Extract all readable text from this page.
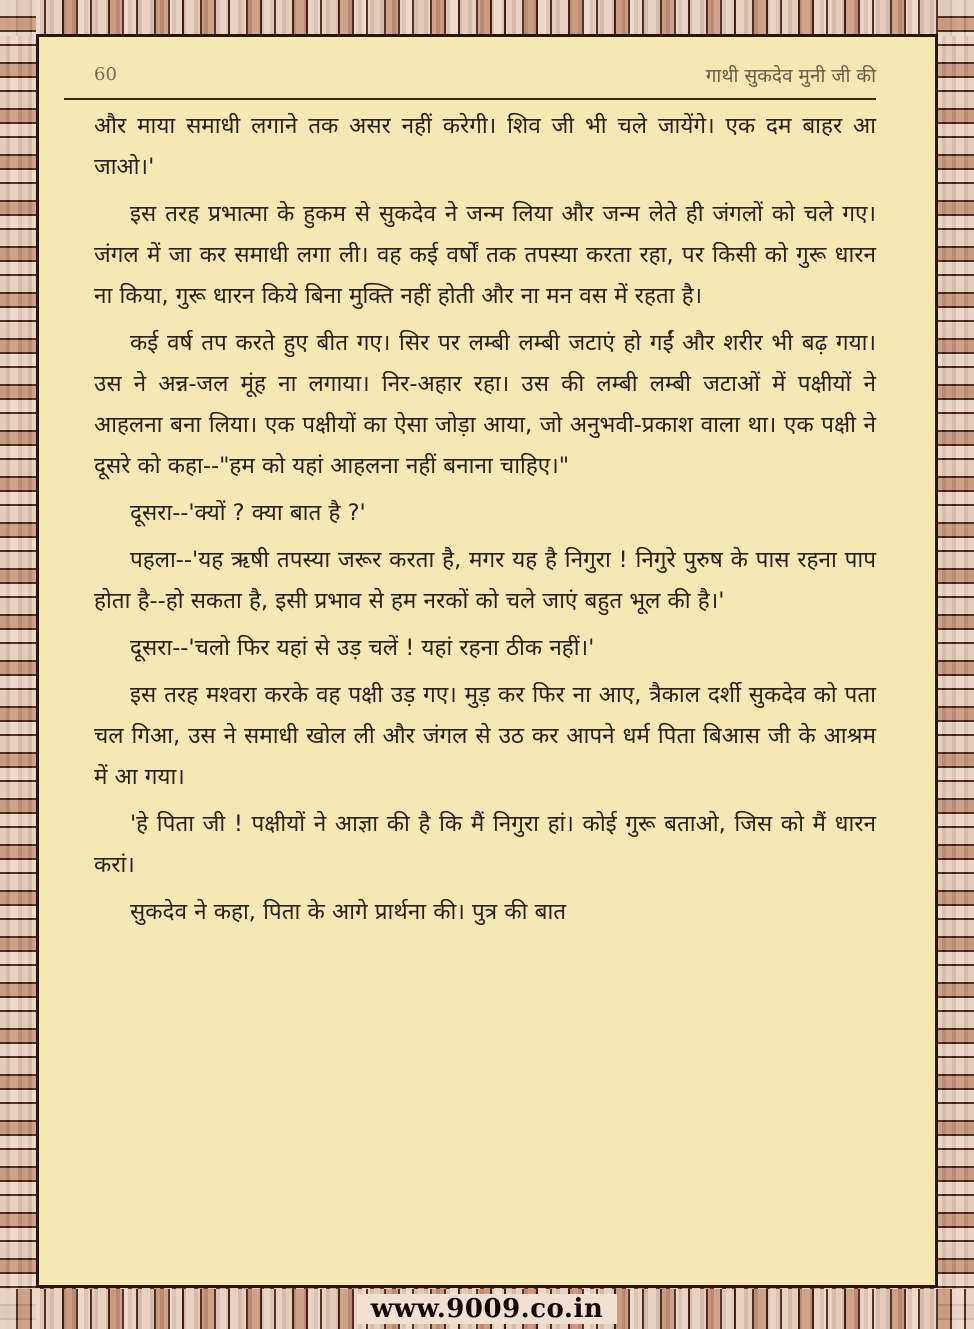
60	गाथी सुकदेव मुनी जी की

और माया समाधी लगाने तक असर नहीं करेगी। शिव जी भी चले जायेंगे। एक दम बाहर आ जाओ।'

इस तरह प्रभात्मा के हुकम से सुकदेव ने जन्म लिया और जन्म लेते ही जंगलों को चले गए। जंगल में जा कर समाधी लगा ली। वह कई वर्षों तक तपस्या करता रहा, पर किसी को गुरू धारन ना किया, गुरू धारन किये बिना मुक्ति नहीं होती और ना मन वस में रहता है।

कई वर्ष तप करते हुए बीत गए। सिर पर लम्बी लम्बी जटाएं हो गईं और शरीर भी बढ़ गया। उस ने अन्न-जल मूंह ना लगाया। निर-अहार रहा। उस की लम्बी लम्बी जटाओं में पक्षीयों ने आहलना बना लिया। एक पक्षीयों का ऐसा जोड़ा आया, जो अनुभवी-प्रकाश वाला था। एक पक्षी ने दूसरे को कहा--"हम को यहां आहलना नहीं बनाना चाहिए।"

दूसरा--'क्यों ? क्या बात है ?'

पहला--'यह ऋषी तपस्या जरूर करता है, मगर यह है निगुरा ! निगुरे पुरुष के पास रहना पाप होता है--हो सकता है, इसी प्रभाव से हम नरकों को चले जाएं बहुत भूल की है।'

दूसरा--'चलो फिर यहां से उड़ चलें ! यहां रहना ठीक नहीं।'

इस तरह मश्वरा करके वह पक्षी उड़ गए। मुड़ कर फिर ना आए, त्रैकाल दर्शी सुकदेव को पता चल गिआ, उस ने समाधी खोल ली और जंगल से उठ कर आपने धर्म पिता बिआस जी के आश्रम में आ गया।

'हे पिता जी ! पक्षीयों ने आज्ञा की है कि मैं निगुरा हां। कोई गुरू बताओ, जिस को मैं धारन करां।

सुकदेव ने कहा, पिता के आगे प्रार्थना की। पुत्र की बात

www.9009.co.in
